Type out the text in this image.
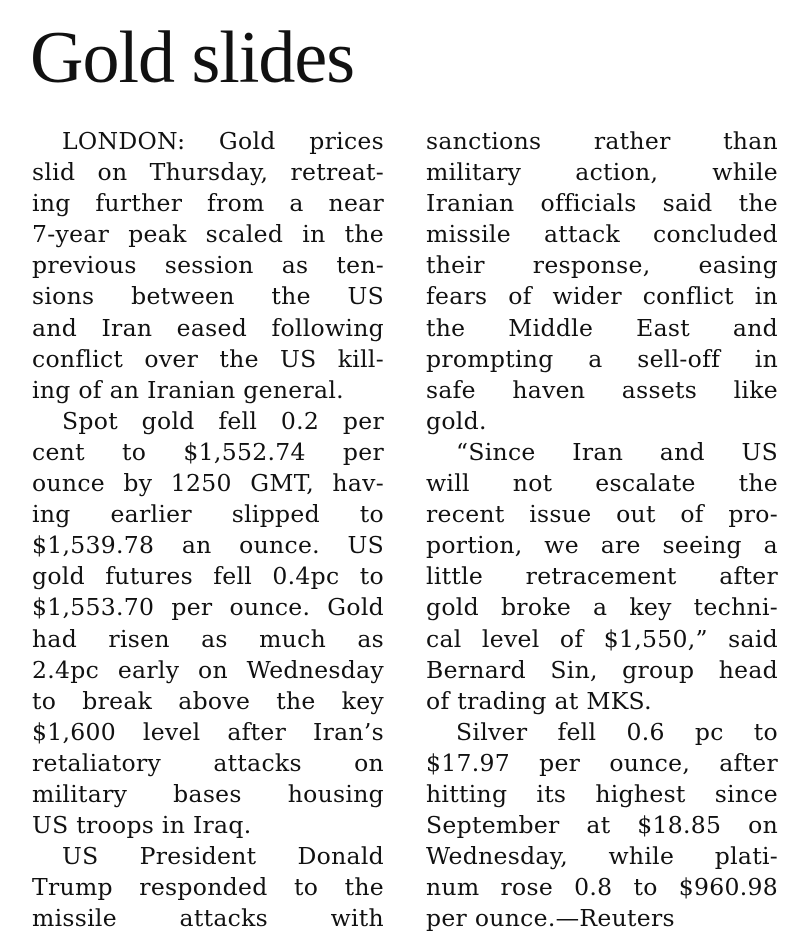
Gold slides
LONDON: Gold prices
slid on Thursday, retreat-
ing further from a near
7-year peak scaled in the
previous session as ten-
sions between the US
and Iran eased following
conflict over the US kill-
ing of an Iranian general.
Spot gold fell 0.2 per
cent to $1,552.74 per
ounce by 1250 GMT, hav-
ing earlier slipped to
$1,539.78 an ounce. US
gold futures fell 0.4pc to
$1,553.70 per ounce. Gold
had risen as much as
2.4pc early on Wednesday
to break above the key
$1,600 level after Iran’s
retaliatory attacks on
military bases housing
US troops in Iraq.
US President Donald
Trump responded to the
missile attacks with
sanctions rather than
military action, while
Iranian officials said the
missile attack concluded
their response, easing
fears of wider conflict in
the Middle East and
prompting a sell-off in
safe haven assets like
gold.
“Since Iran and US
will not escalate the
recent issue out of pro-
portion, we are seeing a
little retracement after
gold broke a key techni-
cal level of $1,550,” said
Bernard Sin, group head
of trading at MKS.
Silver fell 0.6 pc to
$17.97 per ounce, after
hitting its highest since
September at $18.85 on
Wednesday, while plati-
num rose 0.8 to $960.98
per ounce.—Reuters
